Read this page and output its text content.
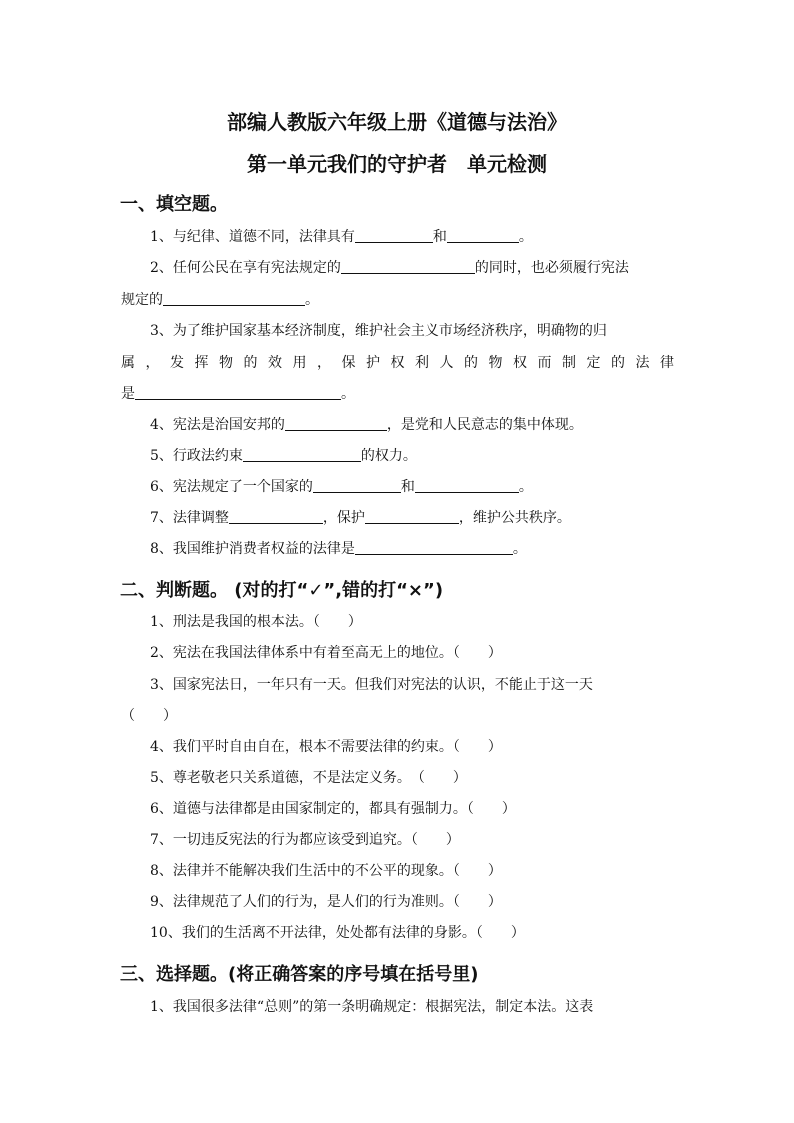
部编人教版六年级上册《道德与法治》
第一单元我们的守护者　单元检测
一、填空题。
1、与纪律、道德不同，法律具有	和	。
2、任何公民在享有宪法规定的	的同时，也必须履行宪法
规定的	。
3、为了维护国家基本经济制度，维护社会主义市场经济秩序，明确物的归
属 ， 发 挥 物 的 效 用 ， 保 护 权 利 人 的 物 权 而 制 定 的 法 律
是	。
4、宪法是治国安邦的	，是党和人民意志的集中体现。
5、行政法约束	的权力。
6、宪法规定了一个国家的	和	。
7、法律调整	，保护	，维护公共秩序。
8、我国维护消费者权益的法律是	。
二、判断题。 (对的打“✓”,错的打“×”)
1、刑法是我国的根本法。（　　）
2、宪法在我国法律体系中有着至高无上的地位。（　　）
3、国家宪法日，一年只有一天。但我们对宪法的认识，不能止于这一天
（　　）
4、我们平时自由自在，根本不需要法律的约束。（　　）
5、尊老敬老只关系道德，不是法定义务。　（　　）
6、道德与法律都是由国家制定的，都具有强制力。（　　）
7、一切违反宪法的行为都应该受到追究。（　　）
8、法律并不能解决我们生活中的不公平的现象。（　　）
9、法律规范了人们的行为，是人们的行为准则。（　　）
10、我们的生活离不开法律，处处都有法律的身影。（　　）
三、选择题。(将正确答案的序号填在括号里)
1、我国很多法律“总则”的第一条明确规定：根据宪法，制定本法。这表
